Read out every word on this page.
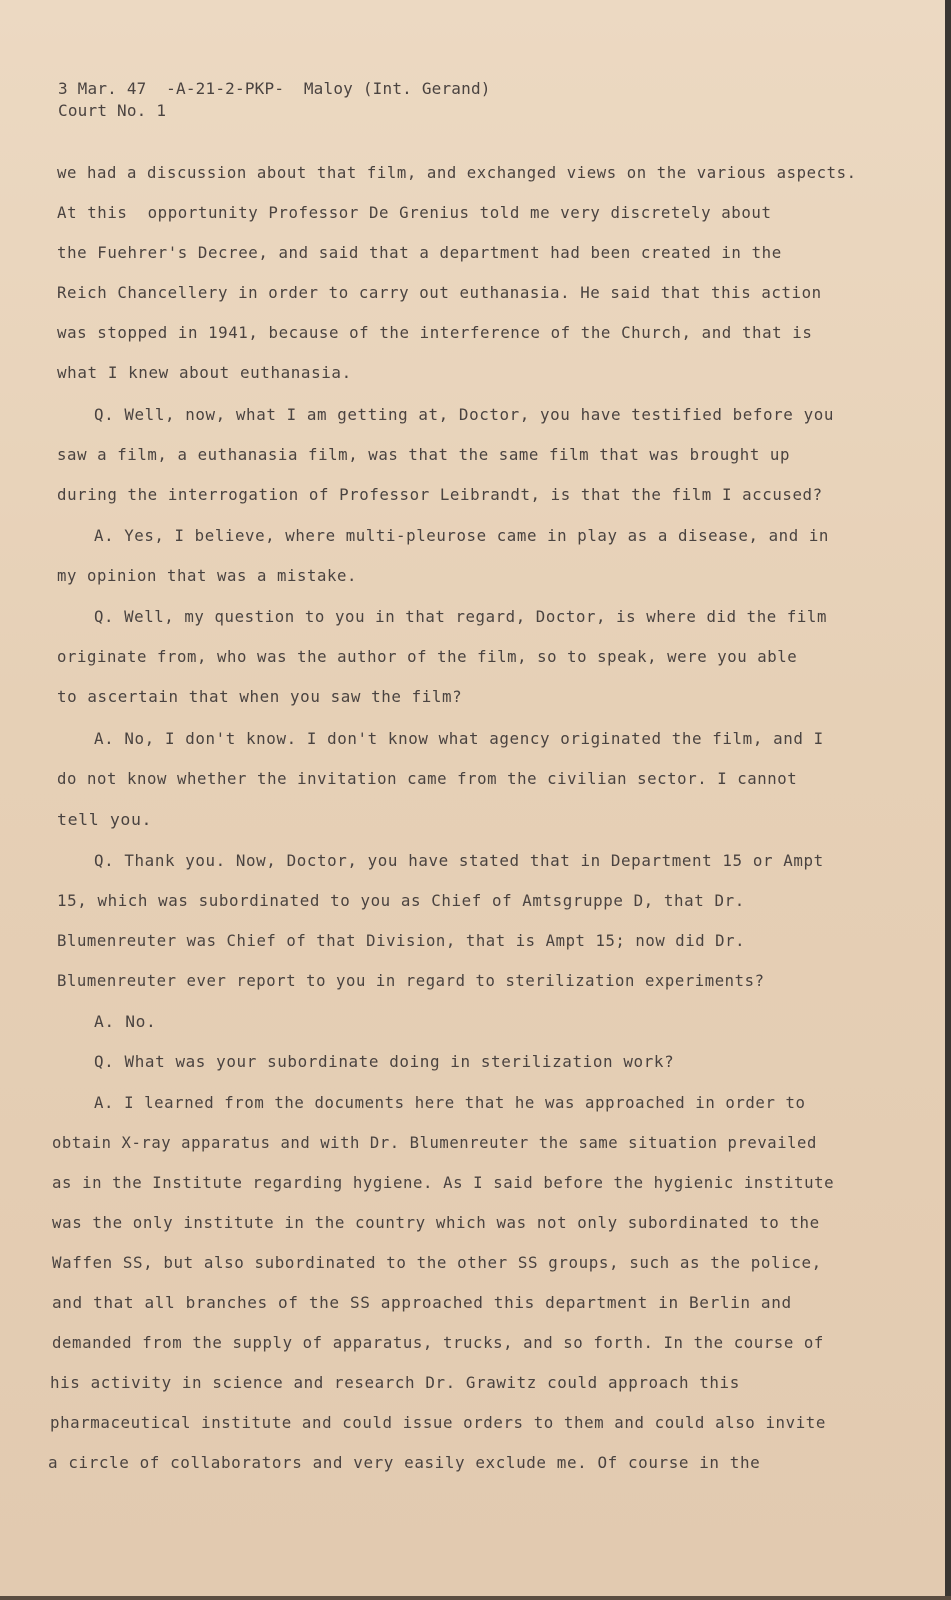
3 Mar. 47  -A-21-2-PKP-  Maloy (Int. Gerand)
Court No. 1
we had a discussion about that film, and exchanged views on the various aspects.
At this  opportunity Professor De Grenius told me very discretely about
the Fuehrer's Decree, and said that a department had been created in the
Reich Chancellery in order to carry out euthanasia. He said that this action
was stopped in 1941, because of the interference of the Church, and that is
what I knew about euthanasia.
Q. Well, now, what I am getting at, Doctor, you have testified before you
saw a film, a euthanasia film, was that the same film that was brought up
during the interrogation of Professor Leibrandt, is that the film I accused?
A. Yes, I believe, where multi-pleurose came in play as a disease, and in
my opinion that was a mistake.
Q. Well, my question to you in that regard, Doctor, is where did the film
originate from, who was the author of the film, so to speak, were you able
to ascertain that when you saw the film?
A. No, I don't know. I don't know what agency originated the film, and I
do not know whether the invitation came from the civilian sector. I cannot
tell you.
Q. Thank you. Now, Doctor, you have stated that in Department 15 or Ampt
15, which was subordinated to you as Chief of Amtsgruppe D, that Dr.
Blumenreuter was Chief of that Division, that is Ampt 15; now did Dr.
Blumenreuter ever report to you in regard to sterilization experiments?
A. No.
Q. What was your subordinate doing in sterilization work?
A. I learned from the documents here that he was approached in order to
obtain X-ray apparatus and with Dr. Blumenreuter the same situation prevailed
as in the Institute regarding hygiene. As I said before the hygienic institute
was the only institute in the country which was not only subordinated to the
Waffen SS, but also subordinated to the other SS groups, such as the police,
and that all branches of the SS approached this department in Berlin and
demanded from the supply of apparatus, trucks, and so forth. In the course of
his activity in science and research Dr. Grawitz could approach this
pharmaceutical institute and could issue orders to them and could also invite
a circle of collaborators and very easily exclude me. Of course in the
